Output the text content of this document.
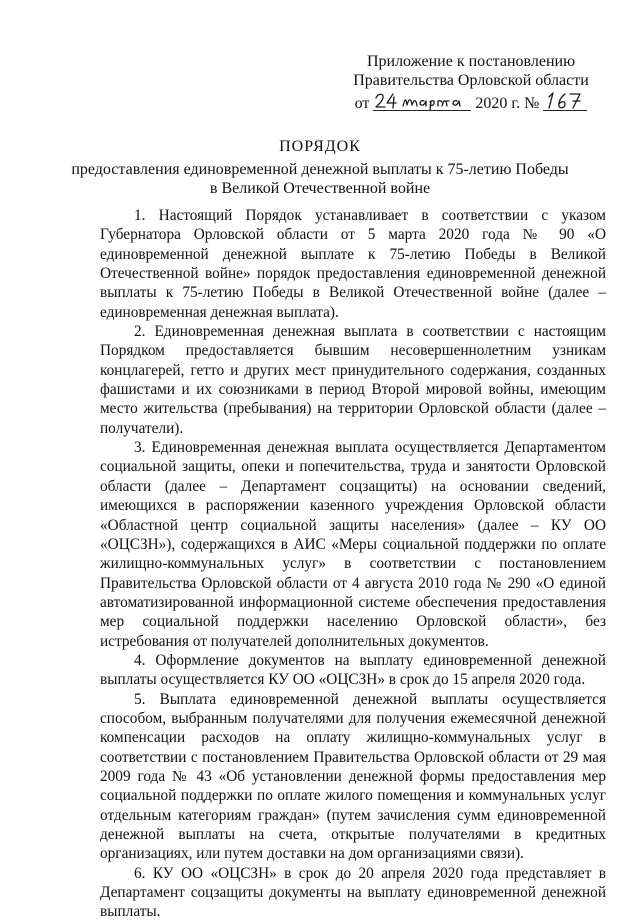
Приложение к постановлению
Правительства Орловской области
от	2020 г. №
ПОРЯДОК
предоставления единовременной денежной выплаты к 75-летию Победы
в Великой Отечественной войне

1. Настоящий Порядок устанавливает в соответствии с указом Губернатора Орловской области от 5 марта 2020 года № 90 «О единовременной денежной выплате к 75-летию Победы в Великой Отечественной войне» порядок предоставления единовременной денежной выплаты к 75-летию Победы в Великой Отечественной войне (далее – единовременная денежная выплата).

2. Единовременная денежная выплата в соответствии с настоящим Порядком предоставляется бывшим несовершеннолетним узникам концлагерей, гетто и других мест принудительного содержания, созданных фашистами и их союзниками в период Второй мировой войны, имеющим место жительства (пребывания) на территории Орловской области (далее – получатели).

3. Единовременная денежная выплата осуществляется Департаментом социальной защиты, опеки и попечительства, труда и занятости Орловской области (далее – Департамент соцзащиты) на основании сведений, имеющихся в распоряжении казенного учреждения Орловской области «Областной центр социальной защиты населения» (далее – КУ ОО «ОЦСЗН»), содержащихся в АИС «Меры социальной поддержки по оплате жилищно-коммунальных услуг» в соответствии с постановлением Правительства Орловской области от 4 августа 2010 года № 290 «О единой автоматизированной информационной системе обеспечения предоставления мер социальной поддержки населению Орловской области», без истребования от получателей дополнительных документов.

4. Оформление документов на выплату единовременной денежной выплаты осуществляется КУ ОО «ОЦСЗН» в срок до 15 апреля 2020 года.

5. Выплата единовременной денежной выплаты осуществляется способом, выбранным получателями для получения ежемесячной денежной компенсации расходов на оплату жилищно-коммунальных услуг в соответствии с постановлением Правительства Орловской области от 29 мая 2009 года № 43 «Об установлении денежной формы предоставления мер социальной поддержки по оплате жилого помещения и коммунальных услуг отдельным категориям граждан» (путем зачисления сумм единовременной денежной выплаты на счета, открытые получателями в кредитных организациях, или путем доставки на дом организациями связи).

6. КУ ОО «ОЦСЗН» в срок до 20 апреля 2020 года представляет в Департамент соцзащиты документы на выплату единовременной денежной выплаты.
